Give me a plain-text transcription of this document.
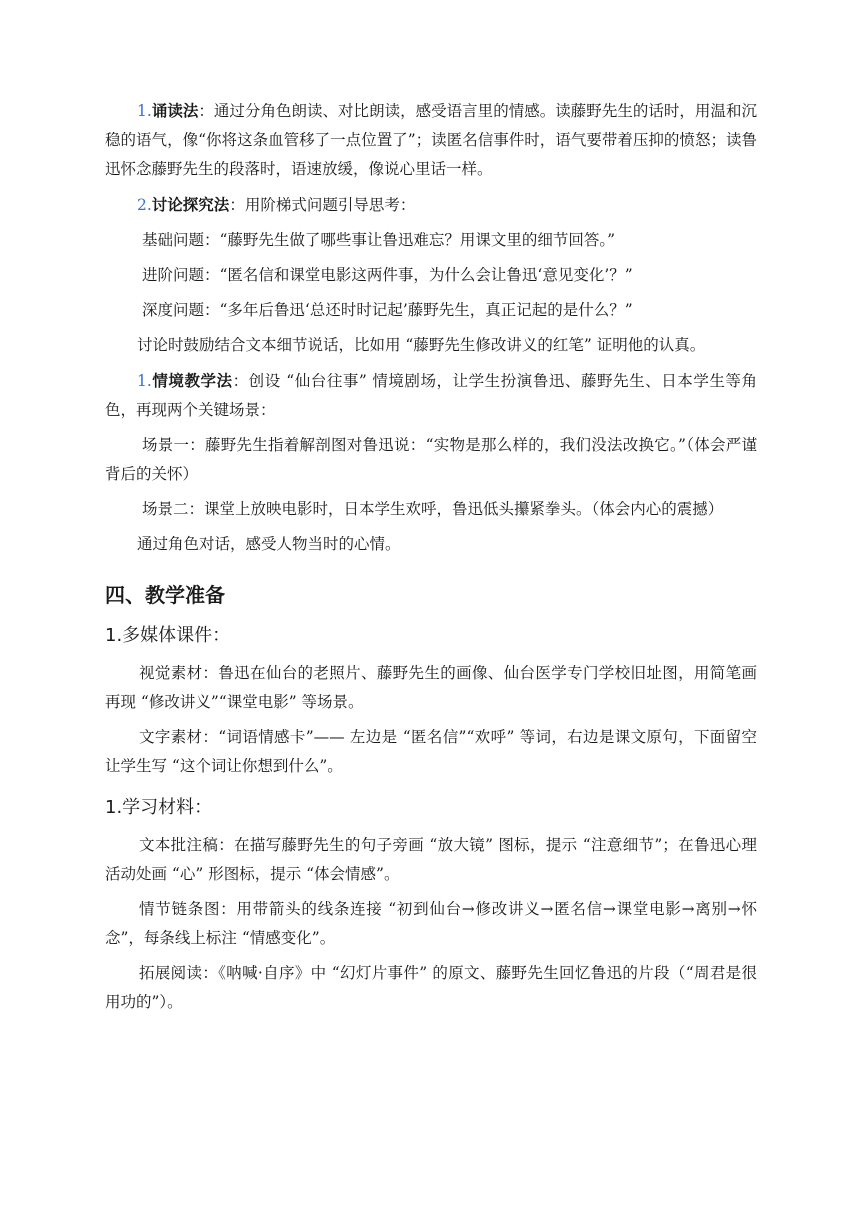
1.诵读法：通过分角色朗读、对比朗读，感受语言里的情感。读藤野先生的话时，用温和沉稳的语气，像“你将这条血管移了一点位置了”；读匿名信事件时，语气要带着压抑的愤怒；读鲁迅怀念藤野先生的段落时，语速放缓，像说心里话一样。

2.讨论探究法：用阶梯式问题引导思考：

基础问题：“藤野先生做了哪些事让鲁迅难忘？用课文里的细节回答。”

进阶问题：“匿名信和课堂电影这两件事，为什么会让鲁迅‘意见变化’？”

深度问题：“多年后鲁迅‘总还时时记起’藤野先生，真正记起的是什么？”

讨论时鼓励结合文本细节说话，比如用 “藤野先生修改讲义的红笔” 证明他的认真。

1.情境教学法：创设 “仙台往事” 情境剧场，让学生扮演鲁迅、藤野先生、日本学生等角色，再现两个关键场景：

场景一：藤野先生指着解剖图对鲁迅说：“实物是那么样的，我们没法改换它。”（体会严谨背后的关怀）

场景二：课堂上放映电影时，日本学生欢呼，鲁迅低头攥紧拳头。（体会内心的震撼）

通过角色对话，感受人物当时的心情。

四、教学准备
1.多媒体课件：

视觉素材：鲁迅在仙台的老照片、藤野先生的画像、仙台医学专门学校旧址图，用简笔画再现 “修改讲义”“课堂电影” 等场景。

文字素材：“词语情感卡”—— 左边是 “匿名信”“欢呼” 等词，右边是课文原句，下面留空让学生写 “这个词让你想到什么”。

1.学习材料：

文本批注稿：在描写藤野先生的句子旁画 “放大镜” 图标，提示 “注意细节”；在鲁迅心理活动处画 “心” 形图标，提示 “体会情感”。

情节链条图：用带箭头的线条连接 “初到仙台→修改讲义→匿名信→课堂电影→离别→怀念”，每条线上标注 “情感变化”。

拓展阅读：《呐喊·自序》中 “幻灯片事件” 的原文、藤野先生回忆鲁迅的片段（“周君是很用功的”）。
